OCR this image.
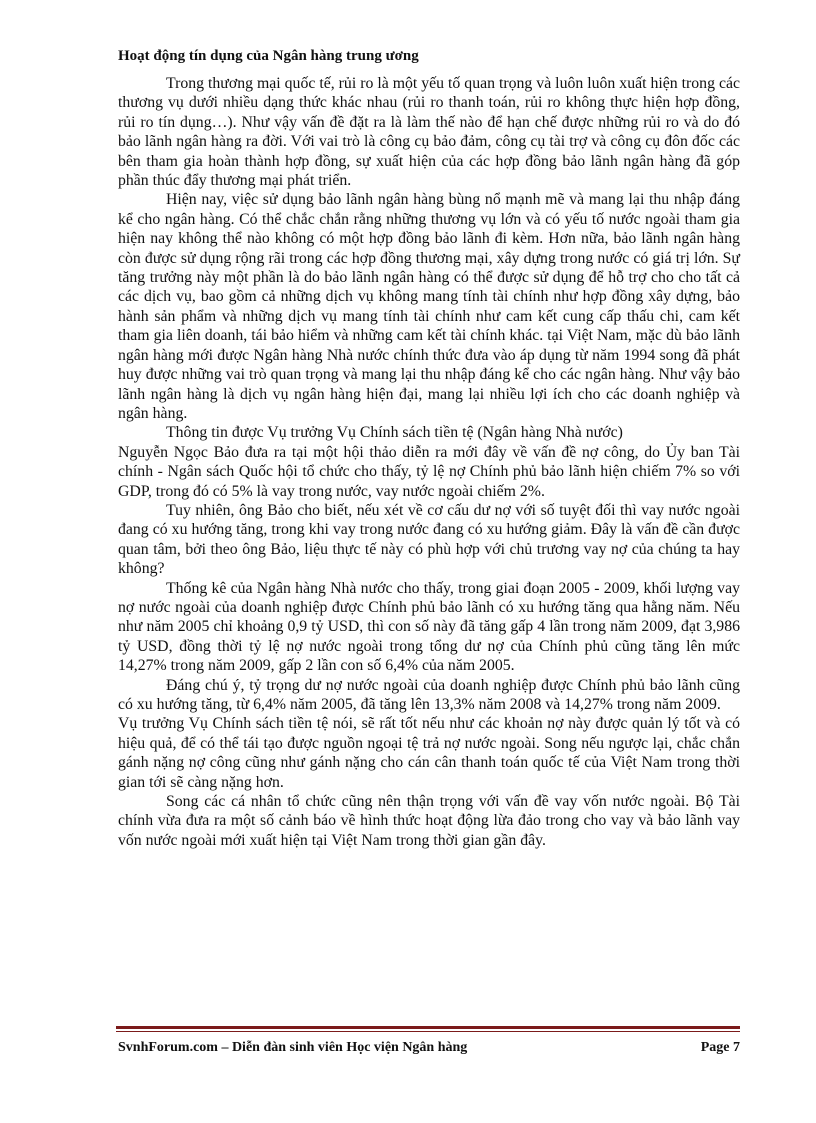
Hoạt động tín dụng của Ngân hàng trung ương

Trong thương mại quốc tế, rủi ro là một yếu tố quan trọng và luôn luôn xuất hiện trong các thương vụ dưới nhiều dạng thức khác nhau (rủi ro thanh toán, rủi ro không thực hiện hợp đồng, rủi ro tín dụng…). Như vậy vấn đề đặt ra là làm thế nào để hạn chế được những rủi ro và do đó bảo lãnh ngân hàng ra đời. Với vai trò là công cụ bảo đảm, công cụ tài trợ và công cụ đôn đốc các bên tham gia hoàn thành hợp đồng, sự xuất hiện của các hợp đồng bảo lãnh ngân hàng đã góp phần thúc đẩy thương mại phát triển.

Hiện nay, việc sử dụng bảo lãnh ngân hàng bùng nổ mạnh mẽ và mang lại thu nhập đáng kể cho ngân hàng. Có thể chắc chắn rằng những thương vụ lớn và có yếu tố nước ngoài tham gia hiện nay không thể nào không có một hợp đồng bảo lãnh đi kèm. Hơn nữa, bảo lãnh ngân hàng còn được sử dụng rộng rãi trong các hợp đồng thương mại, xây dựng trong nước có giá trị lớn. Sự tăng trưởng này một phần là do bảo lãnh ngân hàng có thể được sử dụng để hỗ trợ cho cho tất cả các dịch vụ, bao gồm cả những dịch vụ không mang tính tài chính như hợp đồng xây dựng, bảo hành sản phẩm và những dịch vụ mang tính tài chính như cam kết cung cấp thấu chi, cam kết tham gia liên doanh, tái bảo hiểm và những cam kết tài chính khác. tại Việt Nam, mặc dù bảo lãnh ngân hàng mới được Ngân hàng Nhà nước chính thức đưa vào áp dụng từ năm 1994 song đã phát huy được những vai trò quan trọng và mang lại thu nhập đáng kể cho các ngân hàng. Như vậy bảo lãnh ngân hàng là dịch vụ ngân hàng hiện đại, mang lại nhiều lợi ích cho các doanh nghiệp và ngân hàng.

Thông tin được Vụ trưởng Vụ Chính sách tiền tệ (Ngân hàng Nhà nước)

Nguyễn Ngọc Bảo đưa ra tại một hội thảo diễn ra mới đây về vấn đề nợ công, do Ủy ban Tài chính - Ngân sách Quốc hội tổ chức cho thấy, tỷ lệ nợ Chính phủ bảo lãnh hiện chiếm 7% so với GDP, trong đó có 5% là vay trong nước, vay nước ngoài chiếm 2%.

Tuy nhiên, ông Bảo cho biết, nếu xét về cơ cấu dư nợ với số tuyệt đối thì vay nước ngoài đang có xu hướng tăng, trong khi vay trong nước đang có xu hướng giảm. Đây là vấn đề cần được quan tâm, bởi theo ông Bảo, liệu thực tế này có phù hợp với chủ trương vay nợ của chúng ta hay không?

Thống kê của Ngân hàng Nhà nước cho thấy, trong giai đoạn 2005 - 2009, khối lượng vay nợ nước ngoài của doanh nghiệp được Chính phủ bảo lãnh có xu hướng tăng qua hằng năm. Nếu như năm 2005 chỉ khoảng 0,9 tỷ USD, thì con số này đã tăng gấp 4 lần trong năm 2009, đạt 3,986 tỷ USD, đồng thời tỷ lệ nợ nước ngoài trong tổng dư nợ của Chính phủ cũng tăng lên mức 14,27% trong năm 2009, gấp 2 lần con số 6,4% của năm 2005.

Đáng chú ý, tỷ trọng dư nợ nước ngoài của doanh nghiệp được Chính phủ bảo lãnh cũng có xu hướng tăng, từ 6,4% năm 2005, đã tăng lên 13,3% năm 2008 và 14,27% trong năm 2009.

Vụ trưởng Vụ Chính sách tiền tệ nói, sẽ rất tốt nếu như các khoản nợ này được quản lý tốt và có hiệu quả, để có thể tái tạo được nguồn ngoại tệ trả nợ nước ngoài. Song nếu ngược lại, chắc chắn gánh nặng nợ công cũng như gánh nặng cho cán cân thanh toán quốc tế của Việt Nam trong thời gian tới sẽ càng nặng hơn.

Song các cá nhân tổ chức cũng nên thận trọng với vấn đề vay vốn nước ngoài. Bộ Tài chính vừa đưa ra một số cảnh báo về hình thức hoạt động lừa đảo trong cho vay và bảo lãnh vay vốn nước ngoài mới xuất hiện tại Việt Nam trong thời gian gần đây.

SvnhForum.com – Diễn đàn sinh viên Học viện Ngân hàng	Page 7
